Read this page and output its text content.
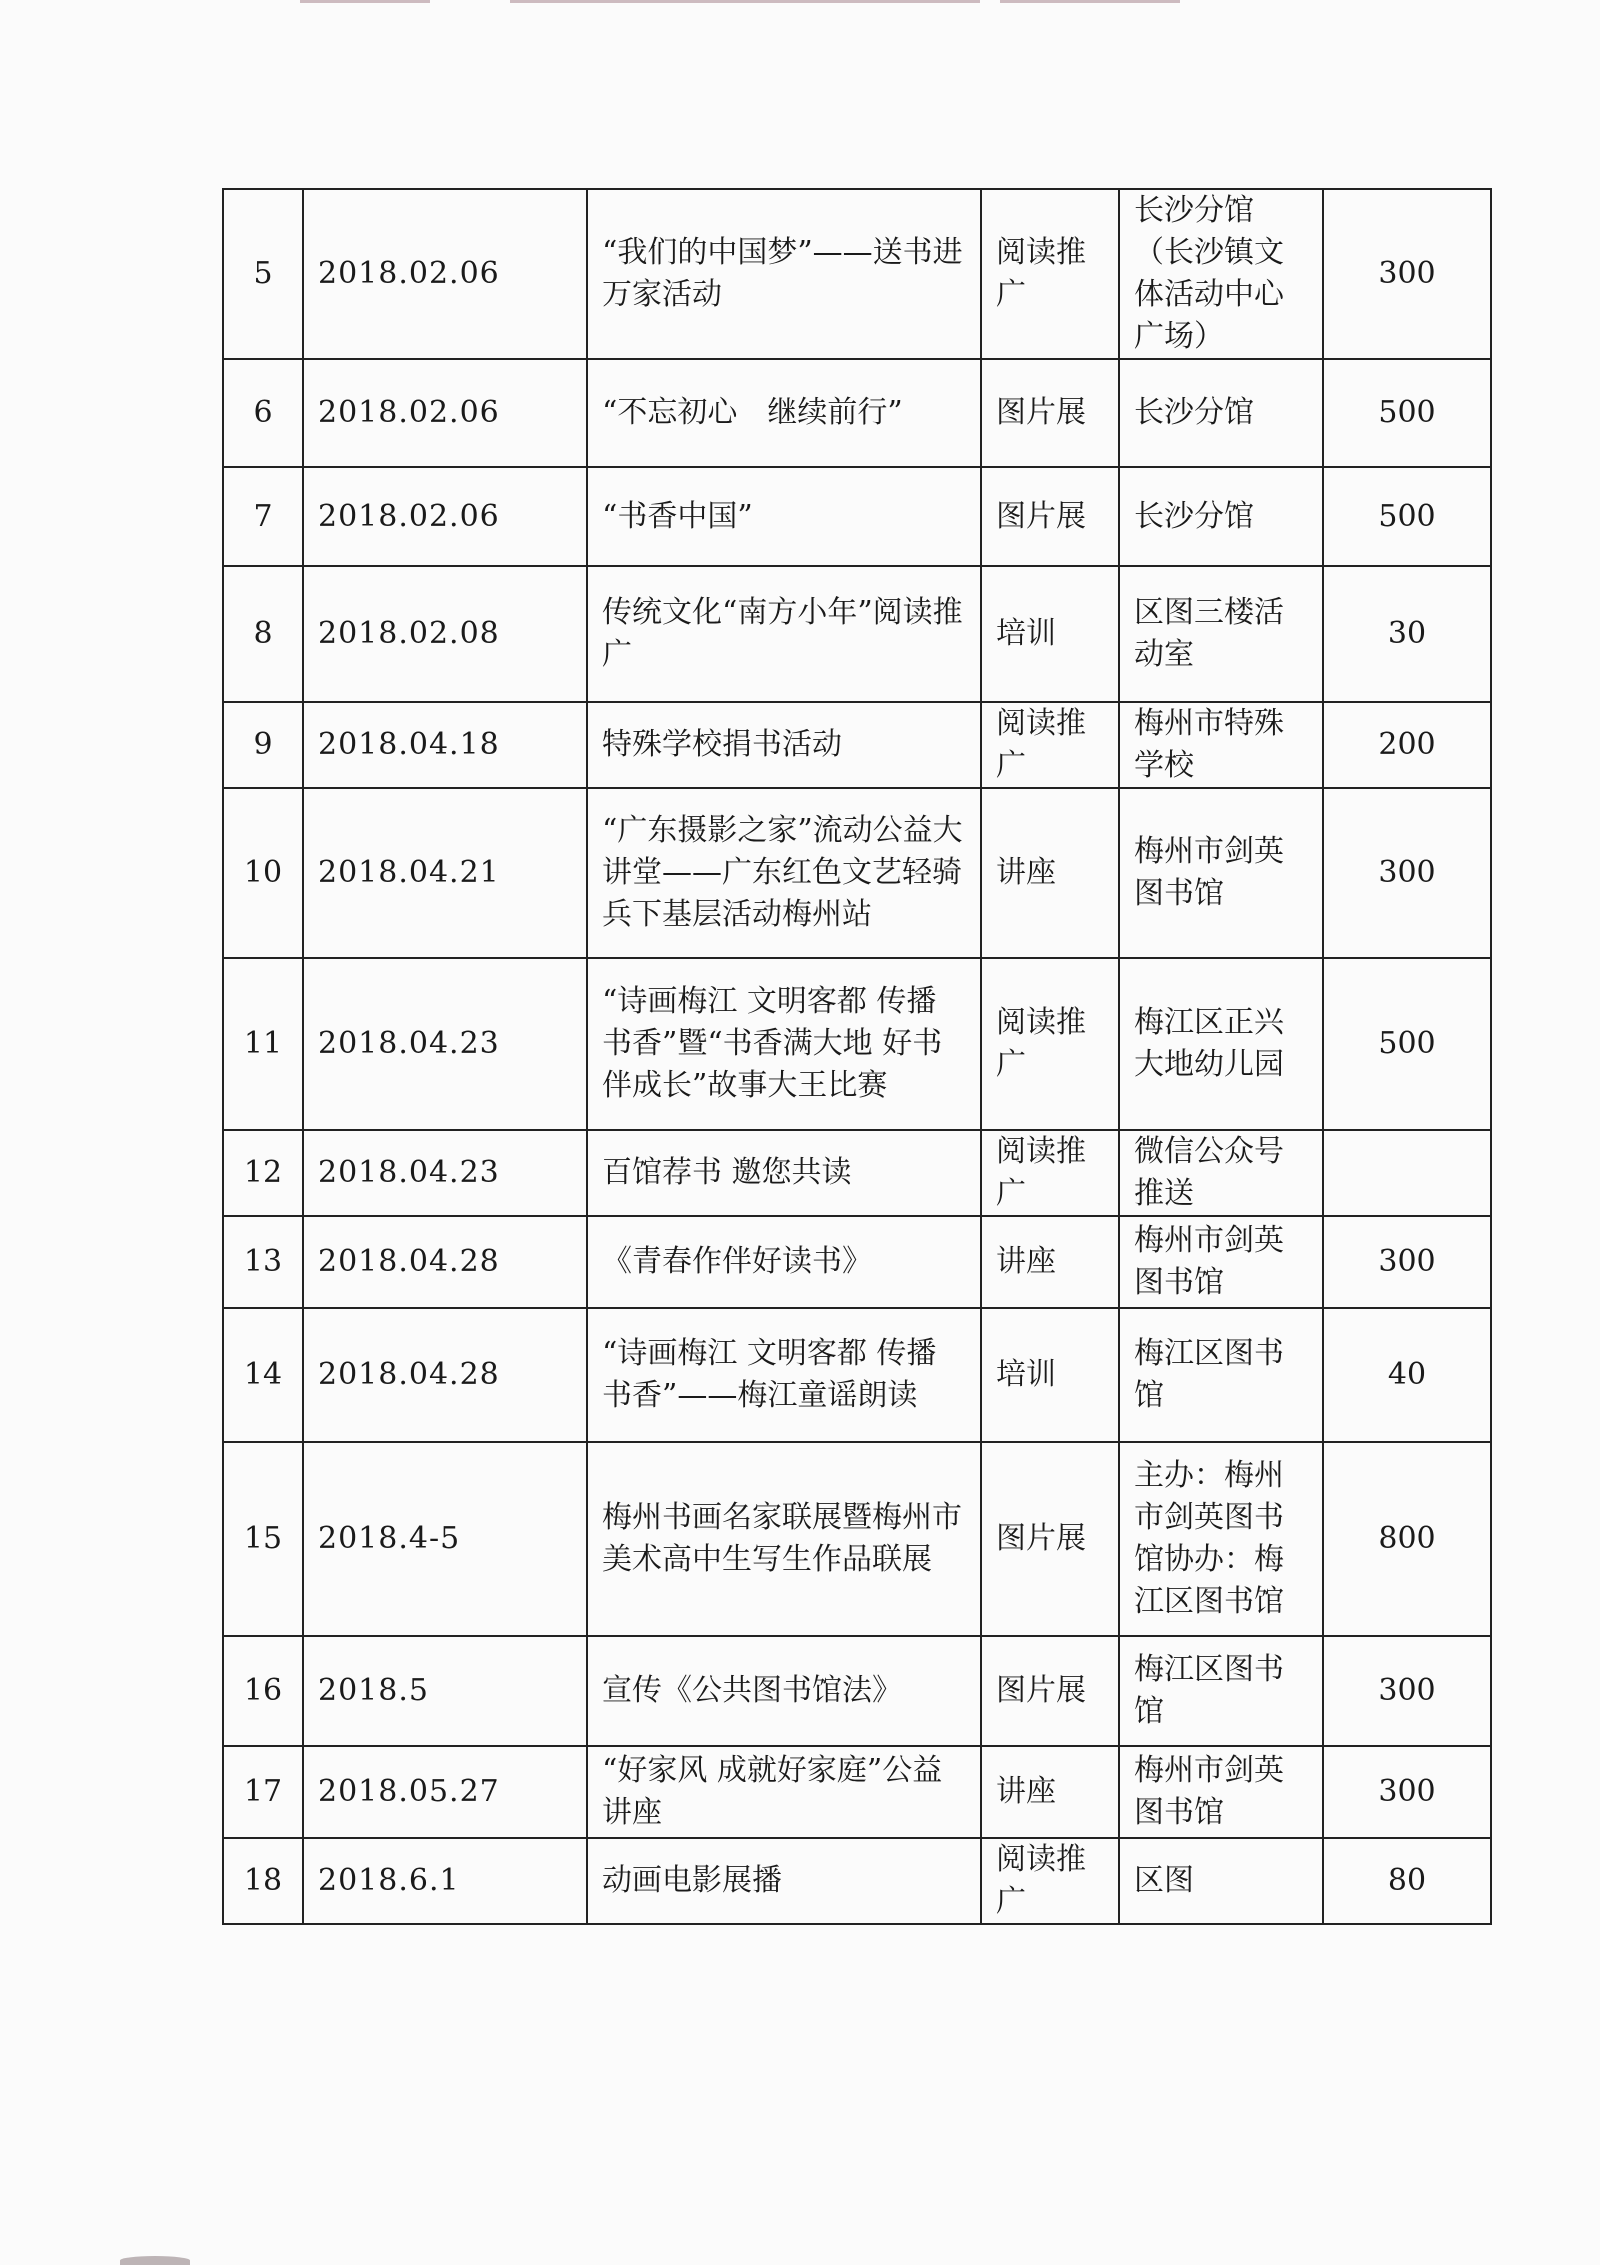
5	2018.02.06	“我们的中国梦”——送书进万家活动	阅读推广	长沙分馆（长沙镇文体活动中心广场）	300
6	2018.02.06	“不忘初心　继续前行”	图片展	长沙分馆	500
7	2018.02.06	“书香中国”	图片展	长沙分馆	500
8	2018.02.08	传统文化“南方小年”阅读推广	培训	区图三楼活动室	30
9	2018.04.18	特殊学校捐书活动	阅读推广	梅州市特殊学校	200
10	2018.04.21	“广东摄影之家”流动公益大讲堂——广东红色文艺轻骑兵下基层活动梅州站	讲座	梅州市剑英图书馆	300
11	2018.04.23	“诗画梅江 文明客都 传播书香”暨“书香满大地 好书伴成长”故事大王比赛	阅读推广	梅江区正兴大地幼儿园	500
12	2018.04.23	百馆荐书 邀您共读	阅读推广	微信公众号推送	
13	2018.04.28	《青春作伴好读书》	讲座	梅州市剑英图书馆	300
14	2018.04.28	“诗画梅江 文明客都 传播书香”——梅江童谣朗读	培训	梅江区图书馆	40
15	2018.4-5	梅州书画名家联展暨梅州市美术高中生写生作品联展	图片展	主办：梅州市剑英图书馆协办：梅江区图书馆	800
16	2018.5	宣传《公共图书馆法》	图片展	梅江区图书馆	300
17	2018.05.27	“好家风 成就好家庭”公益讲座	讲座	梅州市剑英图书馆	300
18	2018.6.1	动画电影展播	阅读推广	区图	80
